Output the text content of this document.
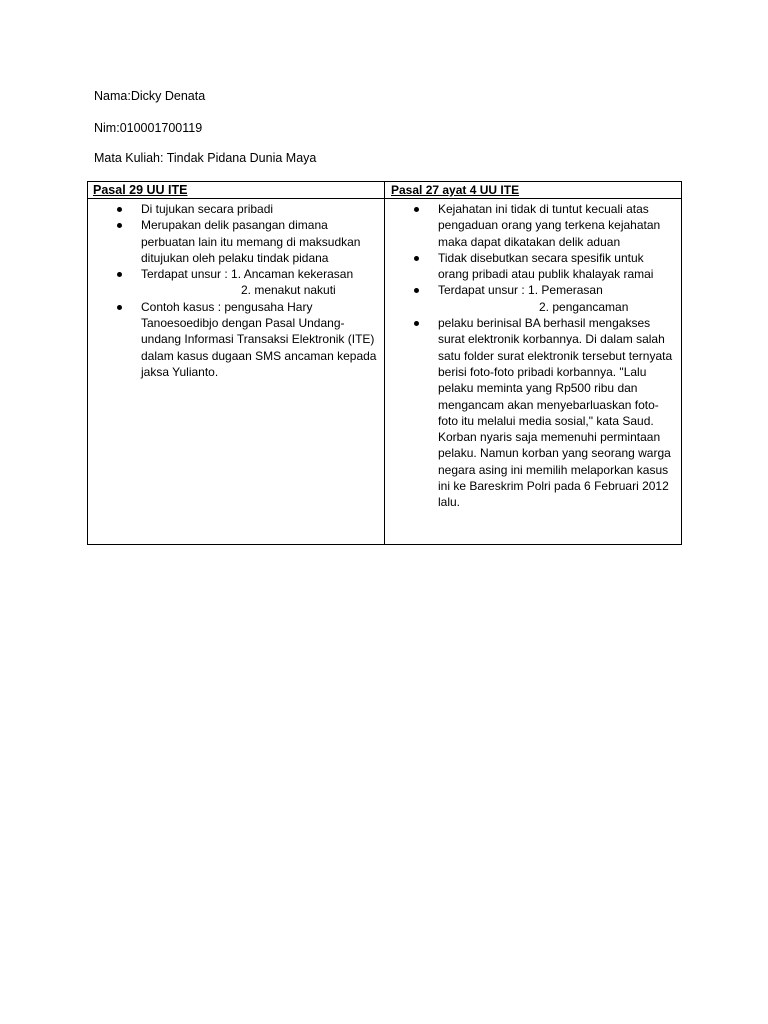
Nama:Dicky Denata
Nim:010001700119
Mata Kuliah: Tindak Pidana Dunia Maya
Pasal 29 UU ITE	Pasal 27 ayat 4 UU ITE
Di tujukan secara pribadi
Merupakan delik pasangan dimana perbuatan lain itu memang di maksudkan ditujukan oleh pelaku tindak pidana
Terdapat unsur : 1. Ancaman kekerasan
2. menakut nakuti
Contoh kasus : pengusaha Hary Tanoesoedibjo dengan Pasal Undang-undang Informasi Transaksi Elektronik (ITE) dalam kasus dugaan SMS ancaman kepada jaksa Yulianto.
Kejahatan ini tidak di tuntut kecuali atas pengaduan orang yang terkena kejahatan maka dapat dikatakan delik aduan
Tidak disebutkan secara spesifik untuk orang pribadi atau publik khalayak ramai
Terdapat unsur : 1. Pemerasan
2. pengancaman
pelaku berinisal BA berhasil mengakses surat elektronik korbannya. Di dalam salah satu folder surat elektronik tersebut ternyata berisi foto-foto pribadi korbannya. "Lalu pelaku meminta yang Rp500 ribu dan mengancam akan menyebarluaskan foto-foto itu melalui media sosial," kata Saud. Korban nyaris saja memenuhi permintaan pelaku. Namun korban yang seorang warga negara asing ini memilih melaporkan kasus ini ke Bareskrim Polri pada 6 Februari 2012 lalu.
